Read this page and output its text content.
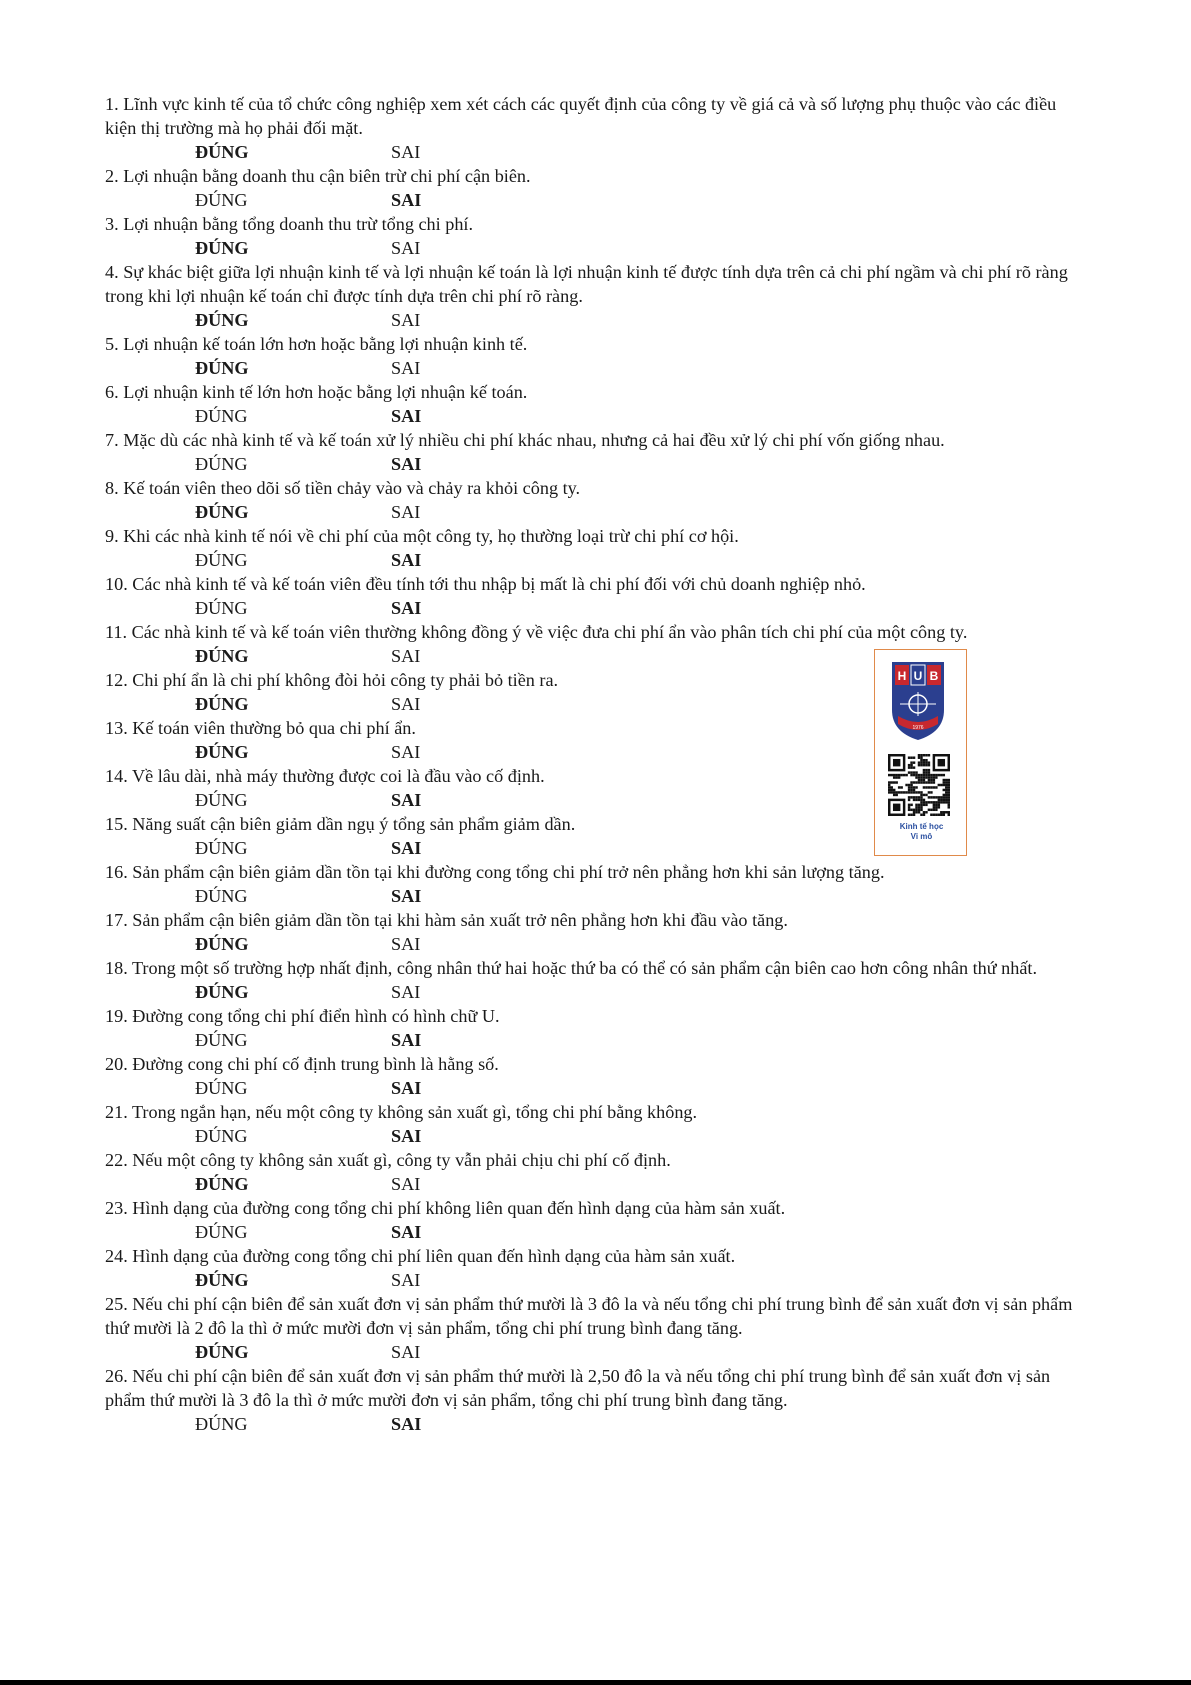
1. Lĩnh vực kinh tế của tổ chức công nghiệp xem xét cách các quyết định của công ty về giá cả và số lượng phụ thuộc vào các điều kiện thị trường mà họ phải đối mặt.

ĐÚNG	SAI

2. Lợi nhuận bằng doanh thu cận biên trừ chi phí cận biên.

ĐÚNG	SAI

3. Lợi nhuận bằng tổng doanh thu trừ tổng chi phí.

ĐÚNG	SAI

4. Sự khác biệt giữa lợi nhuận kinh tế và lợi nhuận kế toán là lợi nhuận kinh tế được tính dựa trên cả chi phí ngầm và chi phí rõ ràng trong khi lợi nhuận kế toán chỉ được tính dựa trên chi phí rõ ràng.

ĐÚNG	SAI

5. Lợi nhuận kế toán lớn hơn hoặc bằng lợi nhuận kinh tế.

ĐÚNG	SAI

6. Lợi nhuận kinh tế lớn hơn hoặc bằng lợi nhuận kế toán.

ĐÚNG	SAI

7. Mặc dù các nhà kinh tế và kế toán xử lý nhiều chi phí khác nhau, nhưng cả hai đều xử lý chi phí vốn giống nhau.

ĐÚNG	SAI

8. Kế toán viên theo dõi số tiền chảy vào và chảy ra khỏi công ty.

ĐÚNG	SAI

9. Khi các nhà kinh tế nói về chi phí của một công ty, họ thường loại trừ chi phí cơ hội.

ĐÚNG	SAI

10. Các nhà kinh tế và kế toán viên đều tính tới thu nhập bị mất là chi phí đối với chủ doanh nghiệp nhỏ.

ĐÚNG	SAI

11. Các nhà kinh tế và kế toán viên thường không đồng ý về việc đưa chi phí ẩn vào phân tích chi phí của một công ty.

ĐÚNG	SAI

12. Chi phí ẩn là chi phí không đòi hỏi công ty phải bỏ tiền ra.

ĐÚNG	SAI

13. Kế toán viên thường bỏ qua chi phí ẩn.

ĐÚNG	SAI

14. Về lâu dài, nhà máy thường được coi là đầu vào cố định.

ĐÚNG	SAI

15. Năng suất cận biên giảm dần ngụ ý tổng sản phẩm giảm dần.

ĐÚNG	SAI

16. Sản phẩm cận biên giảm dần tồn tại khi đường cong tổng chi phí trở nên phẳng hơn khi sản lượng tăng.

ĐÚNG	SAI

17. Sản phẩm cận biên giảm dần tồn tại khi hàm sản xuất trở nên phẳng hơn khi đầu vào tăng.

ĐÚNG	SAI

18. Trong một số trường hợp nhất định, công nhân thứ hai hoặc thứ ba có thể có sản phẩm cận biên cao hơn công nhân thứ nhất.

ĐÚNG	SAI

19. Đường cong tổng chi phí điển hình có hình chữ U.

ĐÚNG	SAI

20. Đường cong chi phí cố định trung bình là hằng số.

ĐÚNG	SAI

21. Trong ngắn hạn, nếu một công ty không sản xuất gì, tổng chi phí bằng không.

ĐÚNG	SAI

22. Nếu một công ty không sản xuất gì, công ty vẫn phải chịu chi phí cố định.

ĐÚNG	SAI

23. Hình dạng của đường cong tổng chi phí không liên quan đến hình dạng của hàm sản xuất.

ĐÚNG	SAI

24. Hình dạng của đường cong tổng chi phí liên quan đến hình dạng của hàm sản xuất.

ĐÚNG	SAI

25. Nếu chi phí cận biên để sản xuất đơn vị sản phẩm thứ mười là 3 đô la và nếu tổng chi phí trung bình để sản xuất đơn vị sản phẩm thứ mười là 2 đô la thì ở mức mười đơn vị sản phẩm, tổng chi phí trung bình đang tăng.

ĐÚNG	SAI

26. Nếu chi phí cận biên để sản xuất đơn vị sản phẩm thứ mười là 2,50 đô la và nếu tổng chi phí trung bình để sản xuất đơn vị sản phẩm thứ mười là 3 đô la thì ở mức mười đơn vị sản phẩm, tổng chi phí trung bình đang tăng.

ĐÚNG	SAI
H U B
1976
Kinh tế học
Vi mô
